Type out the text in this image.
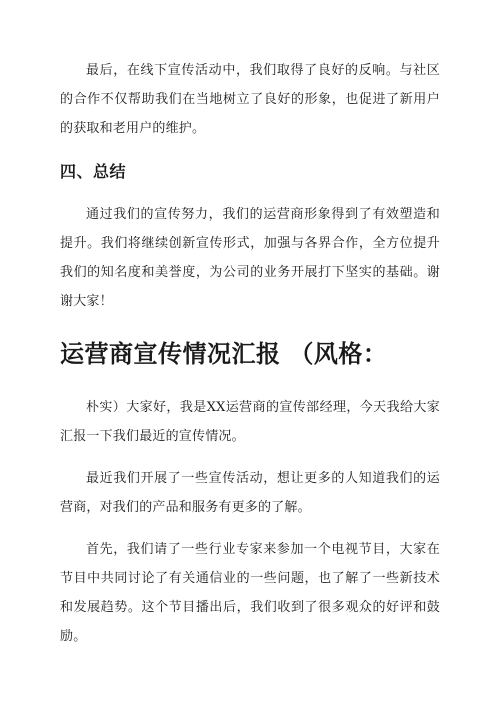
最后，在线下宣传活动中，我们取得了良好的反响。与社区的合作不仅帮助我们在当地树立了良好的形象，也促进了新用户的获取和老用户的维护。

四、总结

通过我们的宣传努力，我们的运营商形象得到了有效塑造和提升。我们将继续创新宣传形式，加强与各界合作，全方位提升我们的知名度和美誉度，为公司的业务开展打下坚实的基础。谢谢大家！

运营商宣传情况汇报 （风格：

朴实）大家好，我是XX运营商的宣传部经理，今天我给大家汇报一下我们最近的宣传情况。

最近我们开展了一些宣传活动，想让更多的人知道我们的运营商，对我们的产品和服务有更多的了解。

首先，我们请了一些行业专家来参加一个电视节目，大家在节目中共同讨论了有关通信业的一些问题，也了解了一些新技术和发展趋势。这个节目播出后，我们收到了很多观众的好评和鼓励。
